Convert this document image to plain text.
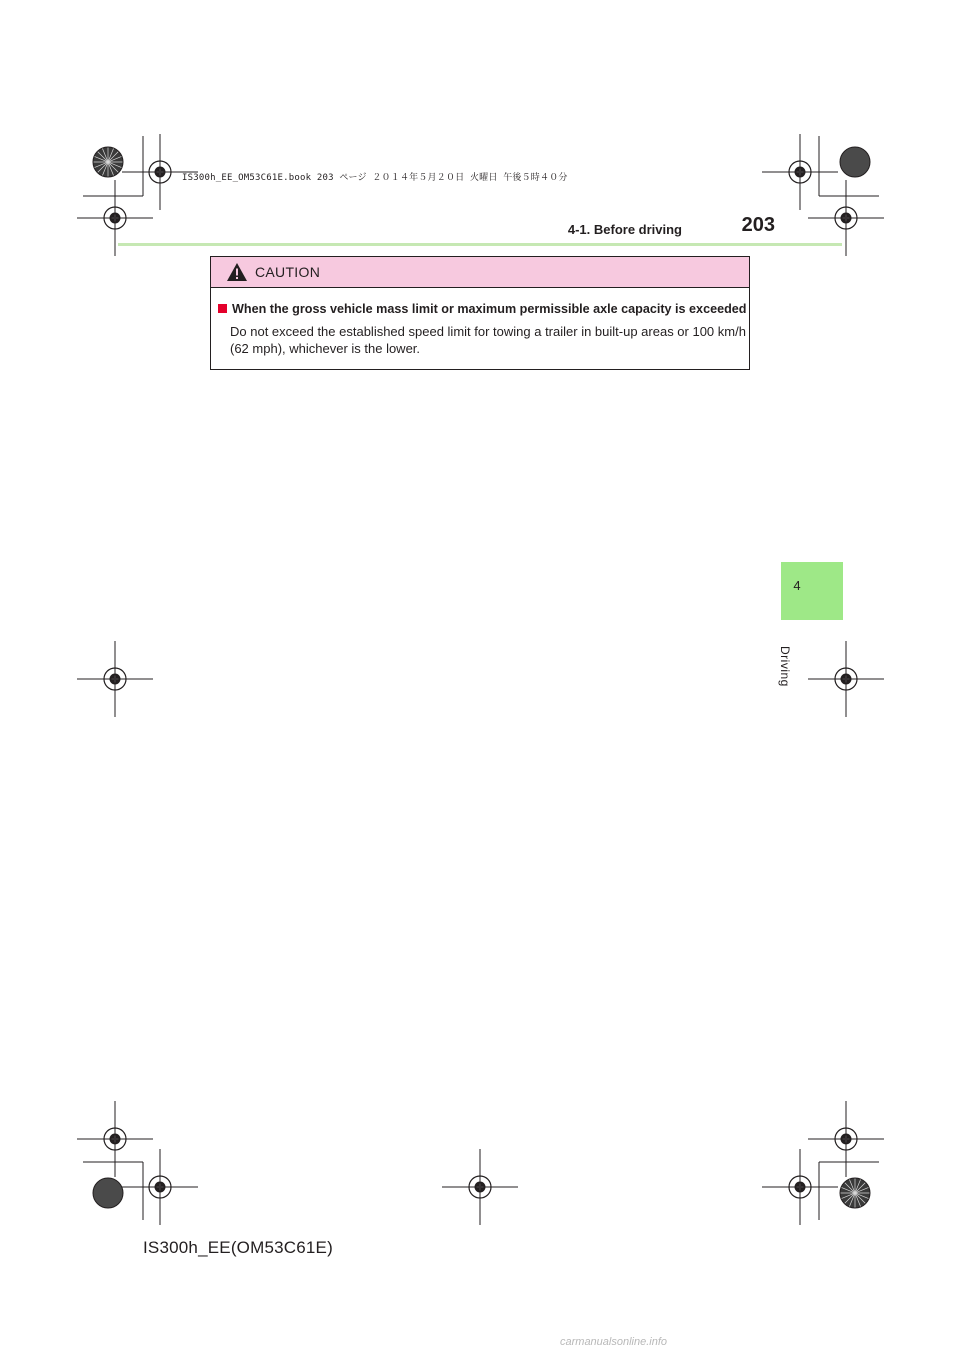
IS300h_EE_OM53C61E.book 203 ページ ２０１４年５月２０日 火曜日 午後５時４０分
4-1. Before driving	203
CAUTION
When the gross vehicle mass limit or maximum permissible axle capacity is exceeded
Do not exceed the established speed limit for towing a trailer in built-up areas or 100 km/h (62 mph), whichever is the lower.
4
Driving
IS300h_EE(OM53C61E)
carmanualsonline.info
